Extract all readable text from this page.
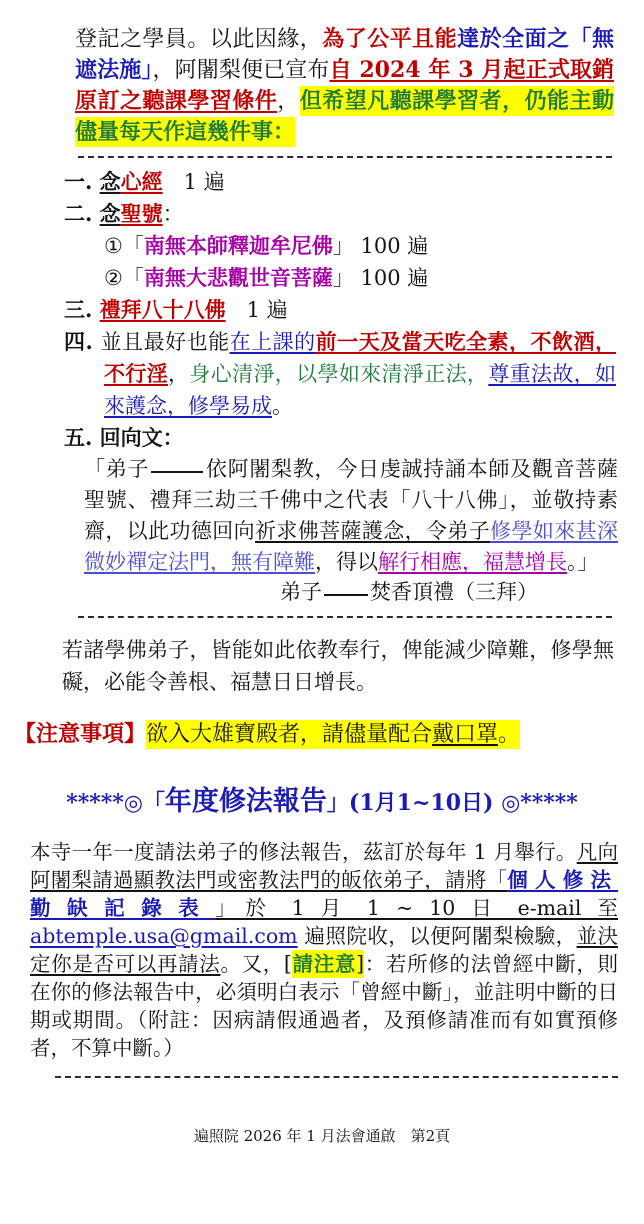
登記之學員。以此因緣，為了公平且能達於全面之「無遮法施」，阿闍梨便已宣布自 2024 年 3 月起正式取銷原訂之聽課學習條件，但希望凡聽課學習者，仍能主動儘量每天作這幾件事：
一. 念心經　1 遍
二. 念聖號：
①「南無本師釋迦牟尼佛」 100 遍
②「南無大悲觀世音菩薩」 100 遍
三. 禮拜八十八佛　1 遍
四. 並且最好也能在上課的前一天及當天吃全素，不飲酒，不行淫，身心清淨，以學如來清淨正法，尊重法故，如來護念，修學易成。
五. 回向文：
「弟子	依阿闍梨教，今日虔誠持誦本師及觀音菩薩聖號、禮拜三劫三千佛中之代表「八十八佛」，並敬持素齋，以此功德回向祈求佛菩薩護念，令弟子修學如來甚深微妙禪定法門，無有障難，得以解行相應，福慧增長。」
弟子 焚香頂禮（三拜）
若諸學佛弟子，皆能如此依教奉行，俾能減少障難，修學無礙，必能令善根、福慧日日增長。
【注意事項】欲入大雄寶殿者，請儘量配合戴口罩。
*****◎「年度修法報告」(1月1~10日) ◎*****
本寺一年一度請法弟子的修法報告，茲訂於每年 1 月舉行。凡向阿闍梨請過顯教法門或密教法門的皈依弟子，請將「個人修法勤缺記錄表」於 1 月 1 ~ 10 日 e-mail 至 abtemple.usa@gmail.com 遍照院收，以便阿闍梨檢驗，並決定你是否可以再請法。又，[請注意]：若所修的法曾經中斷，則在你的修法報告中，必須明白表示「曾經中斷」，並註明中斷的日期或期間。（附註：因病請假通過者，及預修請准而有如實預修者，不算中斷。）
遍照院 2026 年 1 月法會通啟　第2頁
